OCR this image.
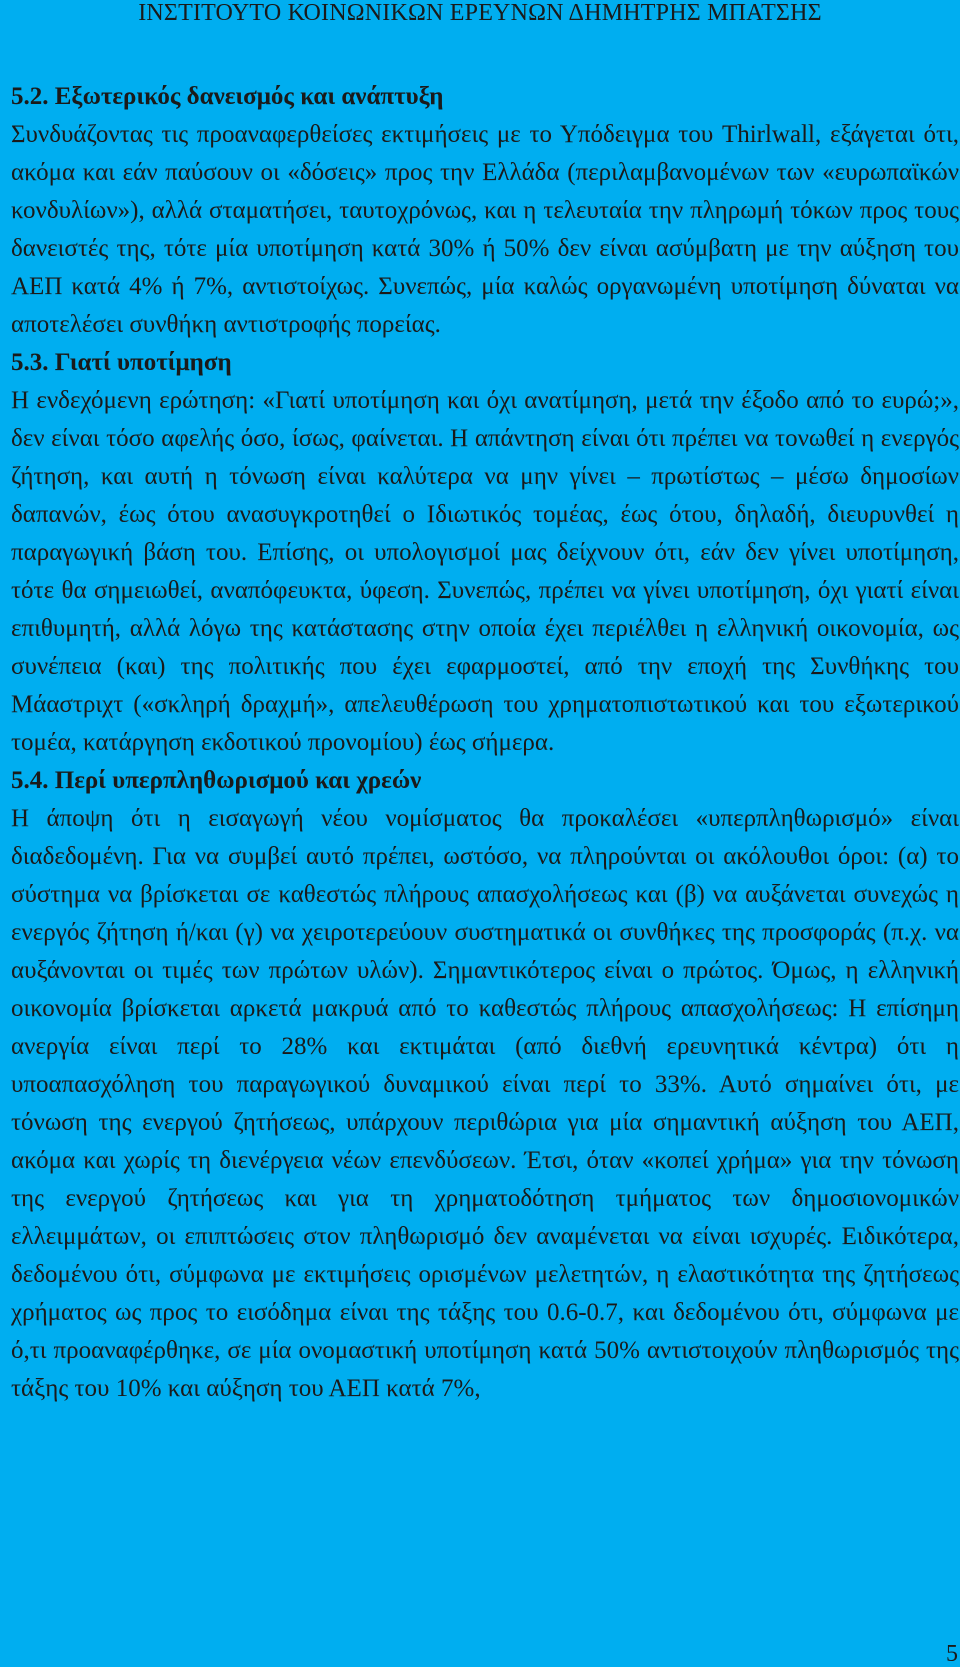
ΙΝΣΤΙΤΟΥΤΟ ΚΟΙΝΩΝΙΚΩΝ ΕΡΕΥΝΩΝ ΔΗΜΗΤΡΗΣ ΜΠΑΤΣΗΣ
5.2. Εξωτερικός δανεισμός και ανάπτυξη

Συνδυάζοντας τις προαναφερθείσες εκτιμήσεις με το Υπόδειγμα του Thirlwall, εξάγεται ότι, ακόμα και εάν παύσουν οι «δόσεις» προς την Ελλάδα (περιλαμβανομένων των «ευρωπαϊκών κονδυλίων»), αλλά σταματήσει, ταυτοχρόνως, και η τελευταία την πληρωμή τόκων προς τους δανειστές της, τότε μία υποτίμηση κατά 30% ή 50% δεν είναι ασύμβατη με την αύξηση του ΑΕΠ κατά 4% ή 7%, αντιστοίχως. Συνεπώς, μία καλώς οργανωμένη υποτίμηση δύναται να αποτελέσει συνθήκη αντιστροφής πορείας.

5.3. Γιατί υποτίμηση

Η ενδεχόμενη ερώτηση: «Γιατί υποτίμηση και όχι ανατίμηση, μετά την έξοδο από το ευρώ;», δεν είναι τόσο αφελής όσο, ίσως, φαίνεται. Η απάντηση είναι ότι πρέπει να τονωθεί η ενεργός ζήτηση, και αυτή η τόνωση είναι καλύτερα να μην γίνει – πρωτίστως – μέσω δημοσίων δαπανών, έως ότου ανασυγκροτηθεί ο Ιδιωτικός τομέας, έως ότου, δηλαδή, διευρυνθεί η παραγωγική βάση του. Επίσης, οι υπολογισμοί μας δείχνουν ότι, εάν δεν γίνει υποτίμηση, τότε θα σημειωθεί, αναπόφευκτα, ύφεση. Συνεπώς, πρέπει να γίνει υποτίμηση, όχι γιατί είναι επιθυμητή, αλλά λόγω της κατάστασης στην οποία έχει περιέλθει η ελληνική οικονομία, ως συνέπεια (και) της πολιτικής που έχει εφαρμοστεί, από την εποχή της Συνθήκης του Μάαστριχτ («σκληρή δραχμή», απελευθέρωση του χρηματοπιστωτικού και του εξωτερικού τομέα, κατάργηση εκδοτικού προνομίου) έως σήμερα.

5.4. Περί υπερπληθωρισμού και χρεών

Η άποψη ότι η εισαγωγή νέου νομίσματος θα προκαλέσει «υπερπληθωρισμό» είναι διαδεδομένη. Για να συμβεί αυτό πρέπει, ωστόσο, να πληρούνται οι ακόλουθοι όροι: (α) το σύστημα να βρίσκεται σε καθεστώς πλήρους απασχολήσεως και (β) να αυξάνεται συνεχώς η ενεργός ζήτηση ή/και (γ) να χειροτερεύουν συστηματικά οι συνθήκες της προσφοράς (π.χ. να αυξάνονται οι τιμές των πρώτων υλών). Σημαντικότερος είναι ο πρώτος. Όμως, η ελληνική οικονομία βρίσκεται αρκετά μακρυά από το καθεστώς πλήρους απασχολήσεως: Η επίσημη ανεργία είναι περί το 28% και εκτιμάται (από διεθνή ερευνητικά κέντρα) ότι η υποαπασχόληση του παραγωγικού δυναμικού είναι περί το 33%. Αυτό σημαίνει ότι, με τόνωση της ενεργού ζητήσεως, υπάρχουν περιθώρια για μία σημαντική αύξηση του ΑΕΠ, ακόμα και χωρίς τη διενέργεια νέων επενδύσεων. Έτσι, όταν «κοπεί χρήμα» για την τόνωση της ενεργού ζητήσεως και για τη χρηματοδότηση τμήματος των δημοσιονομικών ελλειμμάτων, οι επιπτώσεις στον πληθωρισμό δεν αναμένεται να είναι ισχυρές. Ειδικότερα, δεδομένου ότι, σύμφωνα με εκτιμήσεις ορισμένων μελετητών, η ελαστικότητα της ζητήσεως χρήματος ως προς το εισόδημα είναι της τάξης του 0.6-0.7, και δεδομένου ότι, σύμφωνα με ό,τι προαναφέρθηκε, σε μία ονομαστική υποτίμηση κατά 50% αντιστοιχούν πληθωρισμός της τάξης του 10% και αύξηση του ΑΕΠ κατά 7%,

5
